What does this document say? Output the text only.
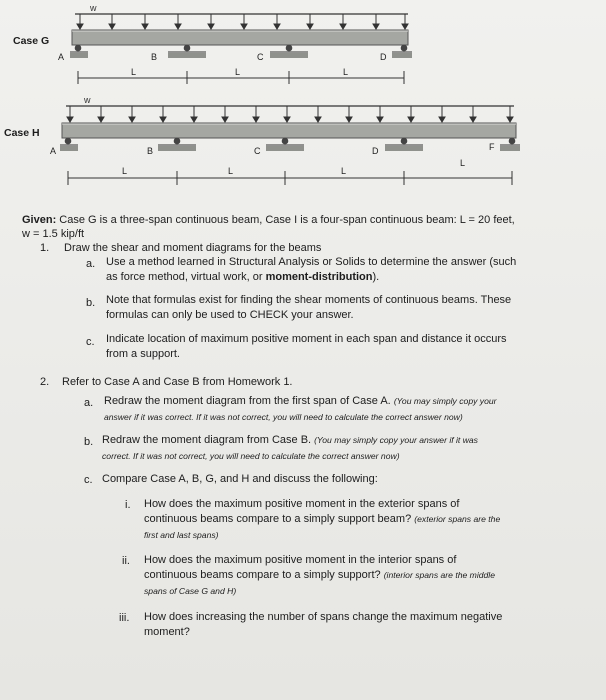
Case G
w
A	B	C	D
L	L	L
Case H
w
A	B	C	D	F
L	L	L
L
Given: Case G is a three-span continuous beam, Case I is a four-span continuous beam: L = 20 feet,
w = 1.5 kip/ft
1. Draw the shear and moment diagrams for the beams
a. Use a method learned in Structural Analysis or Solids to determine the answer (such
as force method, virtual work, or moment-distribution).
b. Note that formulas exist for finding the shear moments of continuous beams. These
formulas can only be used to CHECK your answer.
c. Indicate location of maximum positive moment in each span and distance it occurs
from a support.
2. Refer to Case A and Case B from Homework 1.
a. Redraw the moment diagram from the first span of Case A. (You may simply copy your
answer if it was correct. If it was not correct, you will need to calculate the correct answer now)
b. Redraw the moment diagram from Case B. (You may simply copy your answer if it was
correct. If it was not correct, you will need to calculate the correct answer now)
c. Compare Case A, B, G, and H and discuss the following:
i. How does the maximum positive moment in the exterior spans of
continuous beams compare to a simply support beam? (exterior spans are the
first and last spans)
ii. How does the maximum positive moment in the interior spans of
continuous beams compare to a simply support? (interior spans are the middle
spans of Case G and H)
iii. How does increasing the number of spans change the maximum negative
moment?
